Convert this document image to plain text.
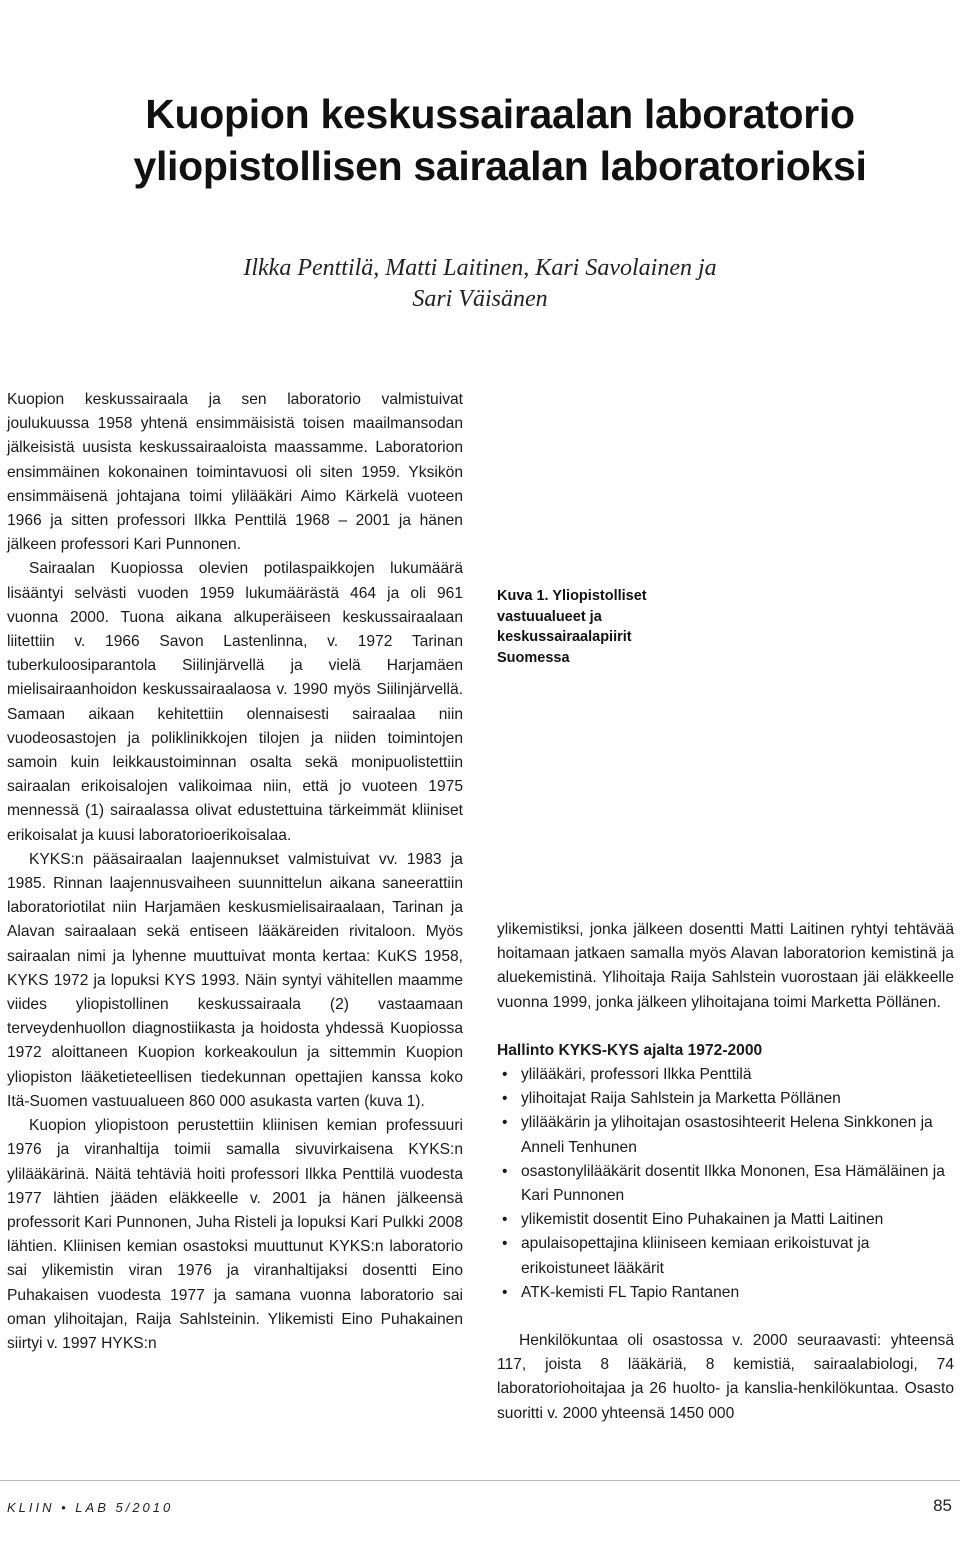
Kuopion keskussairaalan laboratorio
yliopistollisen sairaalan laboratorioksi
Ilkka Penttilä, Matti Laitinen, Kari Savolainen ja
Sari Väisänen

Kuopion keskussairaala ja sen laboratorio valmistuivat joulukuussa 1958 yhtenä ensimmäisistä toisen maailmansodan jälkeisistä uusista keskussairaaloista maassamme. Laboratorion ensimmäinen kokonainen toimintavuosi oli siten 1959. Yksikön ensimmäisenä johtajana toimi ylilääkäri Aimo Kärkelä vuoteen 1966 ja sitten professori Ilkka Penttilä 1968 – 2001 ja hänen jälkeen professori Kari Punnonen.

Sairaalan Kuopiossa olevien potilaspaikkojen lukumäärä lisääntyi selvästi vuoden 1959 lukumäärästä 464 ja oli 961 vuonna 2000. Tuona aikana alkuperäiseen keskussairaalaan liitettiin v. 1966 Savon Lastenlinna, v. 1972 Tarinan tuberkuloosiparantola Siilinjärvellä ja vielä Harjamäen mielisairaanhoidon keskussairaalaosa v. 1990 myös Siilinjärvellä. Samaan aikaan kehitettiin olennaisesti sairaalaa niin vuodeosastojen ja poliklinikkojen tilojen ja niiden toimintojen samoin kuin leikkaustoiminnan osalta sekä monipuolistettiin sairaalan erikoisalojen valikoimaa niin, että jo vuoteen 1975 mennessä (1) sairaalassa olivat edustettuina tärkeimmät kliiniset erikoisalat ja kuusi laboratorioerikoisalaa.

KYKS:n pääsairaalan laajennukset valmistuivat vv. 1983 ja 1985. Rinnan laajennusvaiheen suunnittelun aikana saneerattiin laboratoriotilat niin Harjamäen keskusmielisairaalaan, Tarinan ja Alavan sairaalaan sekä entiseen lääkäreiden rivitaloon. Myös sairaalan nimi ja lyhenne muuttuivat monta kertaa: KuKS 1958, KYKS 1972 ja lopuksi KYS 1993. Näin syntyi vähitellen maamme viides yliopistollinen keskussairaala (2) vastaamaan terveydenhuollon diagnostiikasta ja hoidosta yhdessä Kuopiossa 1972 aloittaneen Kuopion korkeakoulun ja sittemmin Kuopion yliopiston lääketieteellisen tiedekunnan opettajien kanssa koko Itä-Suomen vastuualueen 860 000 asukasta varten (kuva 1).

Kuopion yliopistoon perustettiin kliinisen kemian professuuri 1976 ja viranhaltija toimii samalla sivuvirkaisena KYKS:n ylilääkärinä. Näitä tehtäviä hoiti professori Ilkka Penttilä vuodesta 1977 lähtien jääden eläkkeelle v. 2001 ja hänen jälkeensä professorit Kari Punnonen, Juha Risteli ja lopuksi Kari Pulkki 2008 lähtien. Kliinisen kemian osastoksi muuttunut KYKS:n laboratorio sai ylikemistin viran 1976 ja viranhaltijaksi dosentti Eino Puhakaisen vuodesta 1977 ja samana vuonna laboratorio sai oman ylihoitajan, Raija Sahlsteinin. Ylikemisti Eino Puhakainen siirtyi v. 1997 HYKS:n

Kuva 1. Yliopistolliset vastuualueet ja keskussairaalapiirit Suomessa

ylikemistiksi, jonka jälkeen dosentti Matti Laitinen ryhtyi tehtävää hoitamaan jatkaen samalla myös Alavan laboratorion kemistinä ja aluekemistinä. Ylihoitaja Raija Sahlstein vuorostaan jäi eläkkeelle vuonna 1999, jonka jälkeen ylihoitajana toimi Marketta Pöllänen.

Hallinto KYKS-KYS ajalta 1972-2000

• ylilääkäri, professori Ilkka Penttilä
• ylihoitajat Raija Sahlstein ja Marketta Pöllänen
• ylilääkärin ja ylihoitajan osastosihteerit Helena Sinkkonen ja Anneli Tenhunen
• osastonylilääkärit dosentit Ilkka Mononen, Esa Hämäläinen ja Kari Punnonen
• ylikemistit dosentit Eino Puhakainen ja Matti Laitinen
• apulaisopettajina kliiniseen kemiaan erikoistuvat ja erikoistuneet lääkärit
• ATK-kemisti FL Tapio Rantanen

Henkilökuntaa oli osastossa v. 2000 seuraavasti: yhteensä 117, joista 8 lääkäriä, 8 kemistiä, sairaalabiologi, 74 laboratoriohoitajaa ja 26 huolto- ja kanslia-henkilökuntaa. Osasto suoritti v. 2000 yhteensä 1450 000

KLIIN • LAB 5/2010	85
